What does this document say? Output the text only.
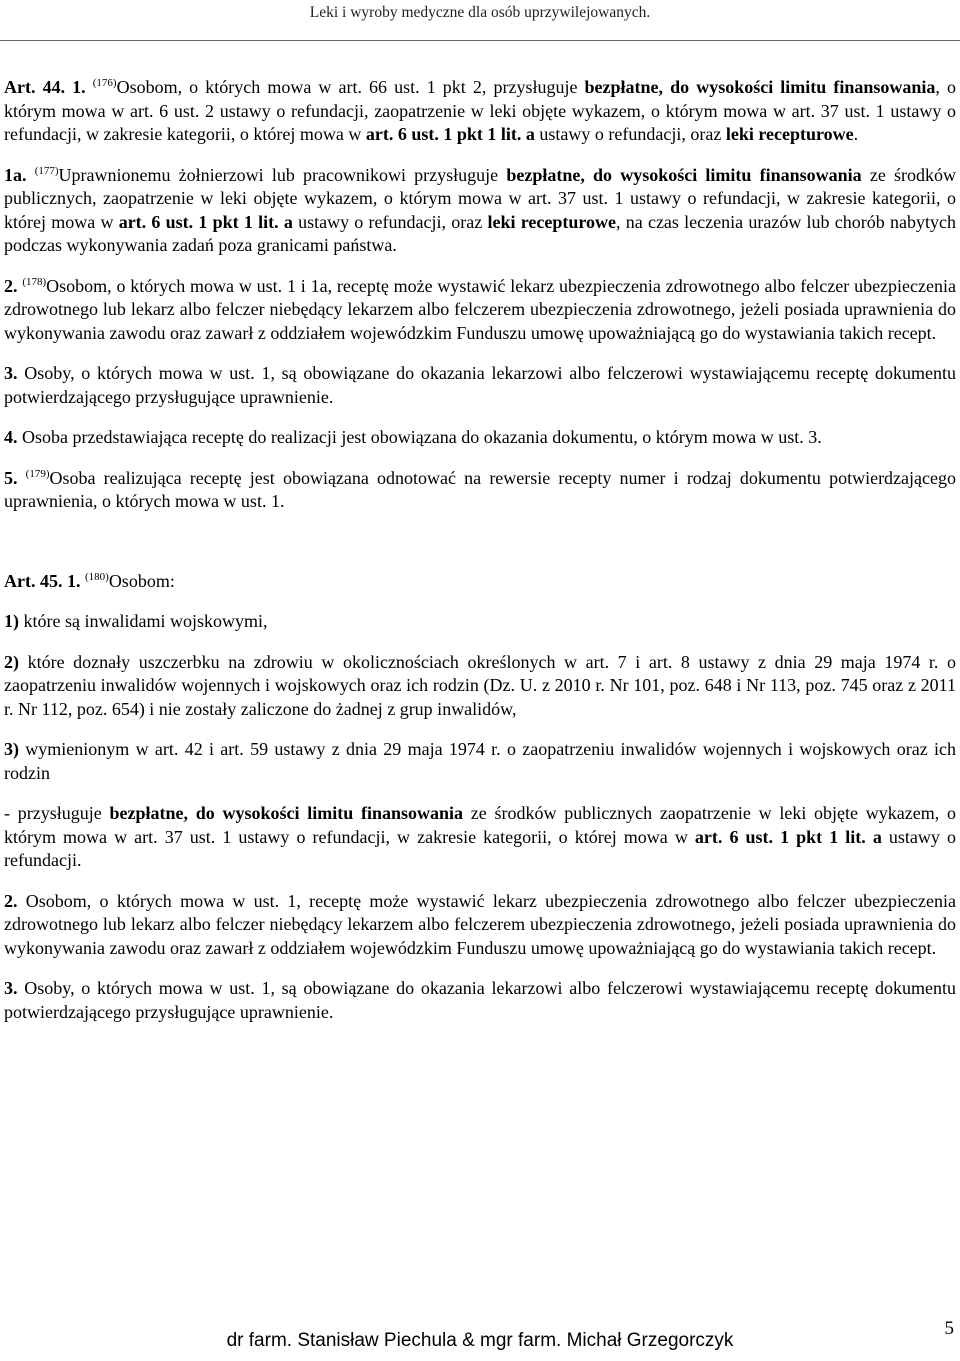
Leki i wyroby medyczne dla osób uprzywilejowanych.

Art. 44. 1. $^{(176)}$Osobom, o których mowa w art. 66 ust. 1 pkt 2, przysługuje bezpłatne, do wysokości limitu finansowania, o którym mowa w art. 6 ust. 2 ustawy o refundacji, zaopatrzenie w leki objęte wykazem, o którym mowa w art. 37 ust. 1 ustawy o refundacji, w zakresie kategorii, o której mowa w art. 6 ust. 1 pkt 1 lit. a ustawy o refundacji, oraz leki recepturowe.

1a. $^{(177)}$Uprawnionemu żołnierzowi lub pracownikowi przysługuje bezpłatne, do wysokości limitu finansowania ze środków publicznych, zaopatrzenie w leki objęte wykazem, o którym mowa w art. 37 ust. 1 ustawy o refundacji, w zakresie kategorii, o której mowa w art. 6 ust. 1 pkt 1 lit. a ustawy o refundacji, oraz leki recepturowe, na czas leczenia urazów lub chorób nabytych podczas wykonywania zadań poza granicami państwa.

2. $^{(178)}$Osobom, o których mowa w ust. 1 i 1a, receptę może wystawić lekarz ubezpieczenia zdrowotnego albo felczer ubezpieczenia zdrowotnego lub lekarz albo felczer niebędący lekarzem albo felczerem ubezpieczenia zdrowotnego, jeżeli posiada uprawnienia do wykonywania zawodu oraz zawarł z oddziałem wojewódzkim Funduszu umowę upoważniającą go do wystawiania takich recept.

3. Osoby, o których mowa w ust. 1, są obowiązane do okazania lekarzowi albo felczerowi wystawiającemu receptę dokumentu potwierdzającego przysługujące uprawnienie.

4. Osoba przedstawiająca receptę do realizacji jest obowiązana do okazania dokumentu, o którym mowa w ust. 3.

5. $^{(179)}$Osoba realizująca receptę jest obowiązana odnotować na rewersie recepty numer i rodzaj dokumentu potwierdzającego uprawnienia, o których mowa w ust. 1.

Art. 45. 1. $^{(180)}$Osobom:

1) które są inwalidami wojskowymi,

2) które doznały uszczerbku na zdrowiu w okolicznościach określonych w art. 7 i art. 8 ustawy z dnia 29 maja 1974 r. o zaopatrzeniu inwalidów wojennych i wojskowych oraz ich rodzin (Dz. U. z 2010 r. Nr 101, poz. 648 i Nr 113, poz. 745 oraz z 2011 r. Nr 112, poz. 654) i nie zostały zaliczone do żadnej z grup inwalidów,

3) wymienionym w art. 42 i art. 59 ustawy z dnia 29 maja 1974 r. o zaopatrzeniu inwalidów wojennych i wojskowych oraz ich rodzin

- przysługuje bezpłatne, do wysokości limitu finansowania ze środków publicznych zaopatrzenie w leki objęte wykazem, o którym mowa w art. 37 ust. 1 ustawy o refundacji, w zakresie kategorii, o której mowa w art. 6 ust. 1 pkt 1 lit. a ustawy o refundacji.

2. Osobom, o których mowa w ust. 1, receptę może wystawić lekarz ubezpieczenia zdrowotnego albo felczer ubezpieczenia zdrowotnego lub lekarz albo felczer niebędący lekarzem albo felczerem ubezpieczenia zdrowotnego, jeżeli posiada uprawnienia do wykonywania zawodu oraz zawarł z oddziałem wojewódzkim Funduszu umowę upoważniającą go do wystawiania takich recept.

3. Osoby, o których mowa w ust. 1, są obowiązane do okazania lekarzowi albo felczerowi wystawiającemu receptę dokumentu potwierdzającego przysługujące uprawnienie.

5
dr farm. Stanisław Piechula & mgr farm. Michał Grzegorczyk
